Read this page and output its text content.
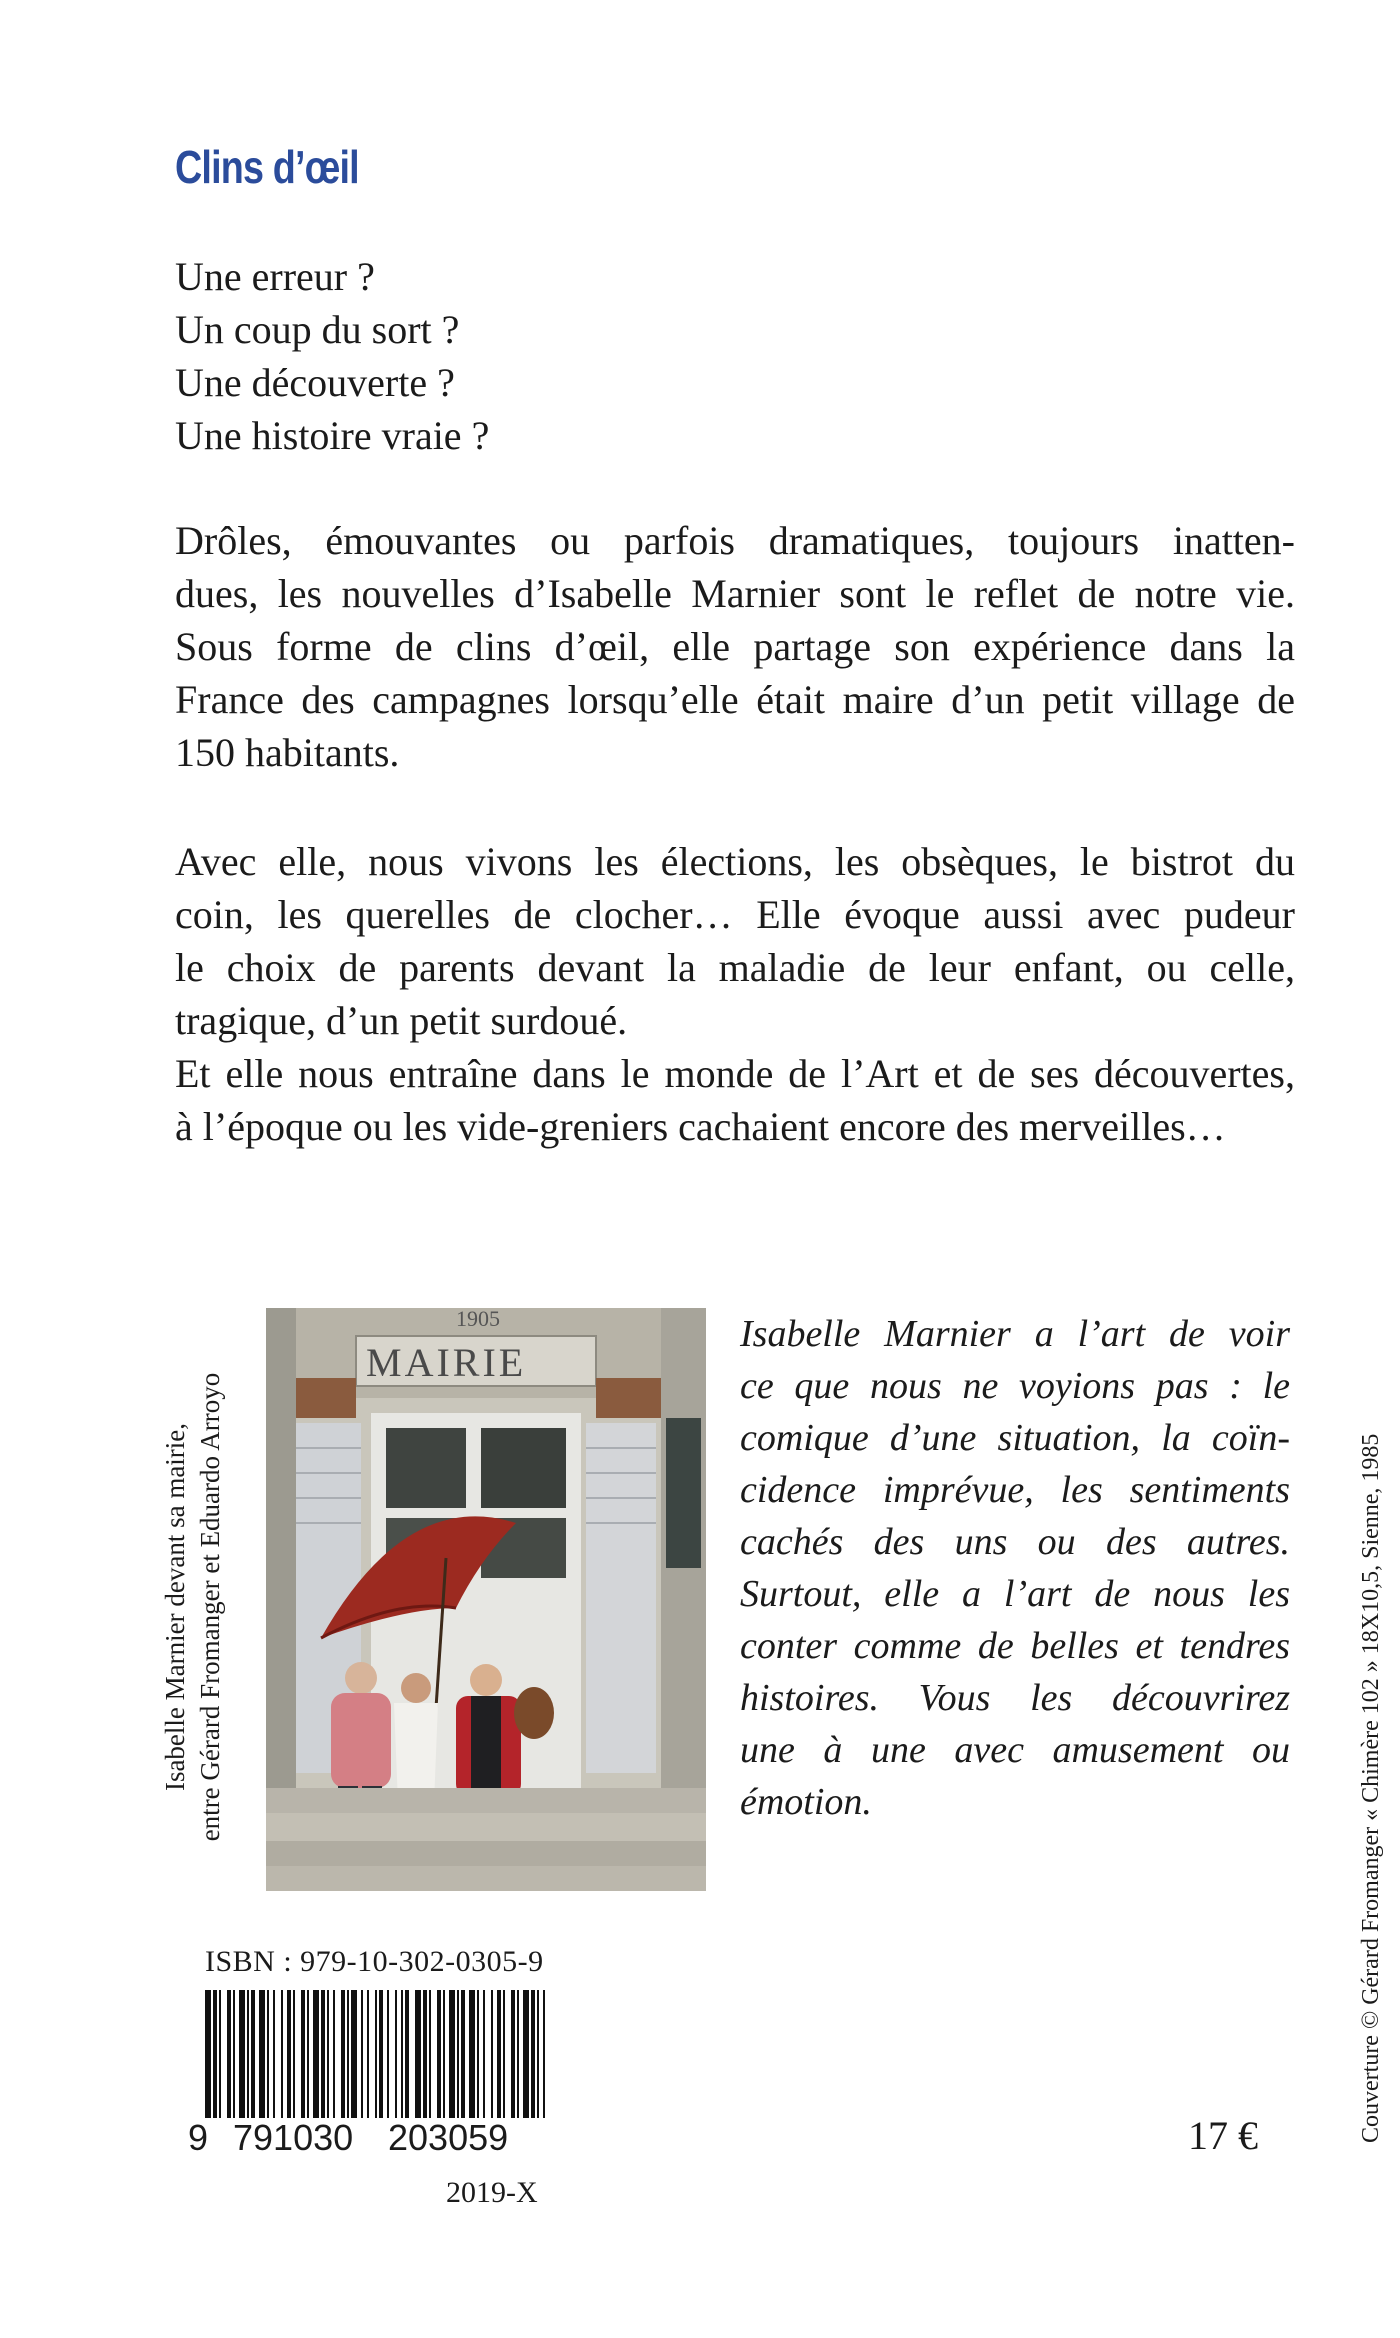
Clins d’œil
Une erreur ?
Un coup du sort ?
Une découverte ?
Une histoire vraie ?

Drôles, émouvantes ou parfois dramatiques, toujours inatten-
dues, les nouvelles d’Isabelle Marnier sont le reflet de notre vie.
Sous forme de clins d’œil, elle partage son expérience dans la
France des campagnes lorsqu’elle était maire d’un petit village de
150 habitants.

Avec elle, nous vivons les élections, les obsèques, le bistrot du
coin, les querelles de clocher… Elle évoque aussi avec pudeur
le choix de parents devant la maladie de leur enfant, ou celle,
tragique, d’un petit surdoué.
Et elle nous entraîne dans le monde de l’Art et de ses découvertes,
à l’époque ou les vide-greniers cachaient encore des merveilles…

Isabelle Marnier devant sa mairie, entre Gérard Fromanger et Eduardo Arroyo
1905
MAIRIE

Isabelle Marnier a l’art de voir
ce que nous ne voyions pas : le
comique d’une situation, la coïn-
cidence imprévue, les sentiments
cachés des uns ou des autres.
Surtout, elle a l’art de nous les
conter comme de belles et tendres
histoires. Vous les découvrirez
une à une avec amusement ou
émotion.

ISBN : 979-10-302-0305-9
9 791030 203059
2019-X
17 €	Couverture © Gérard Fromanger « Chimère 102 » 18X10,5, Sienne, 1985
